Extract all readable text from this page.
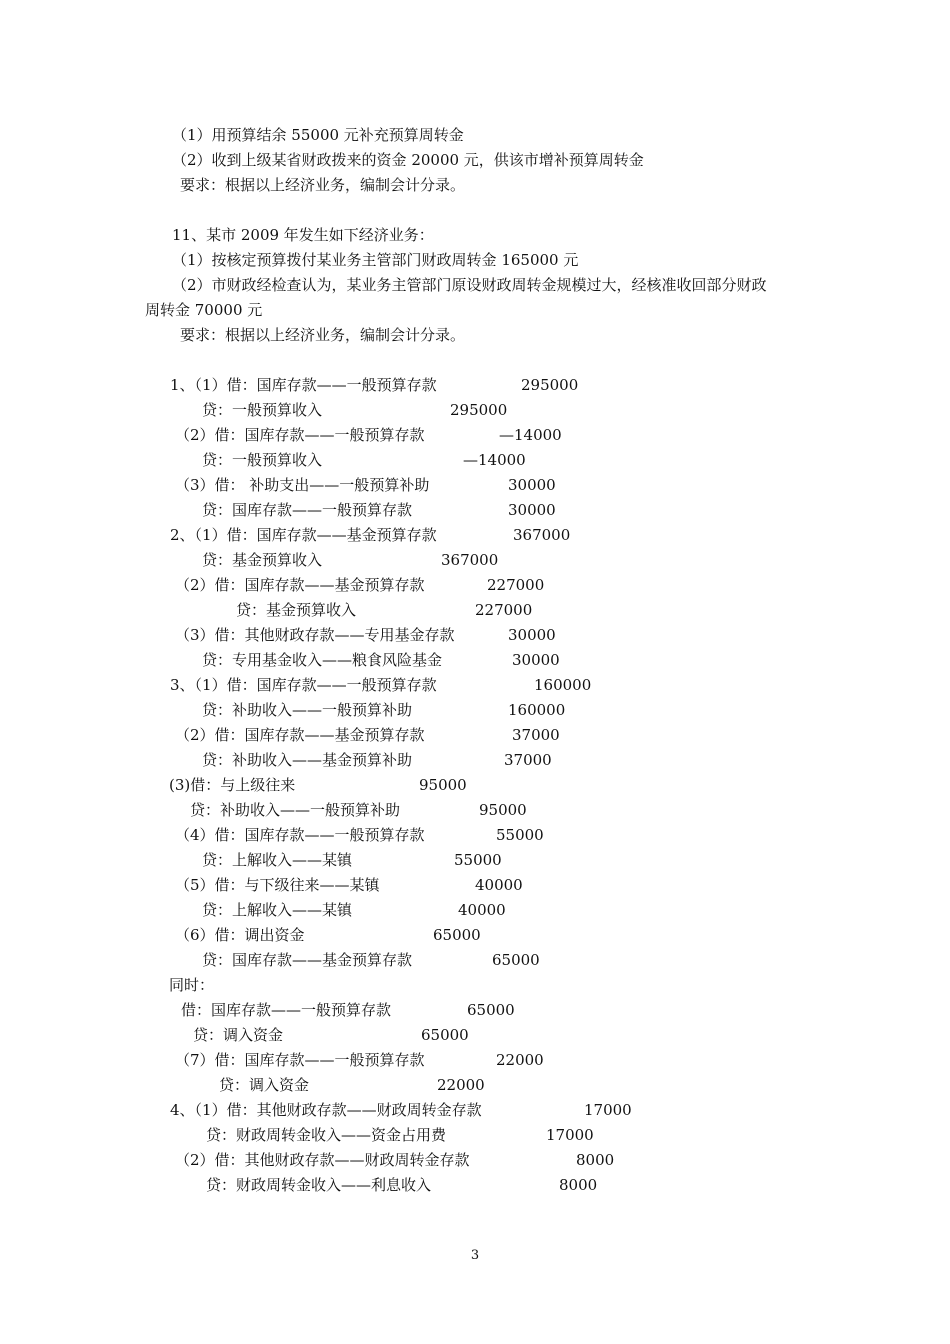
（1）用预算结余 55000 元补充预算周转金
（2）收到上级某省财政拨来的资金 20000 元，供该市增补预算周转金
要求：根据以上经济业务，编制会计分录。
11、某市 2009 年发生如下经济业务：
（1）按核定预算拨付某业务主管部门财政周转金 165000 元
（2）市财政经检查认为，某业务主管部门原设财政周转金规模过大，经核准收回部分财政
周转金 70000 元
要求：根据以上经济业务，编制会计分录。
1、（1）借：国库存款——一般预算存款	295000
贷：一般预算收入	295000
（2）借：国库存款——一般预算存款	—14000
贷：一般预算收入	—14000
（3）借： 补助支出——一般预算补助	30000
贷：国库存款——一般预算存款	30000
2、（1）借：国库存款——基金预算存款	367000
贷：基金预算收入	367000
（2）借：国库存款——基金预算存款	227000
贷：基金预算收入	227000
（3）借：其他财政存款——专用基金存款	30000
贷：专用基金收入——粮食风险基金	30000
3、（1）借：国库存款——一般预算存款	160000
贷：补助收入——一般预算补助	160000
（2）借：国库存款——基金预算存款	37000
贷：补助收入——基金预算补助	37000
(3)借：与上级往来	95000
贷：补助收入——一般预算补助	95000
（4）借：国库存款——一般预算存款	55000
贷：上解收入——某镇	55000
（5）借：与下级往来——某镇	40000
贷：上解收入——某镇	40000
（6）借：调出资金	65000
贷：国库存款——基金预算存款	65000
同时：
借：国库存款——一般预算存款	65000
贷：调入资金	65000
（7）借：国库存款——一般预算存款	22000
贷：调入资金	22000
4、（1）借：其他财政存款——财政周转金存款	17000
贷：财政周转金收入——资金占用费	17000
（2）借：其他财政存款——财政周转金存款	8000
贷：财政周转金收入——利息收入	8000
3
